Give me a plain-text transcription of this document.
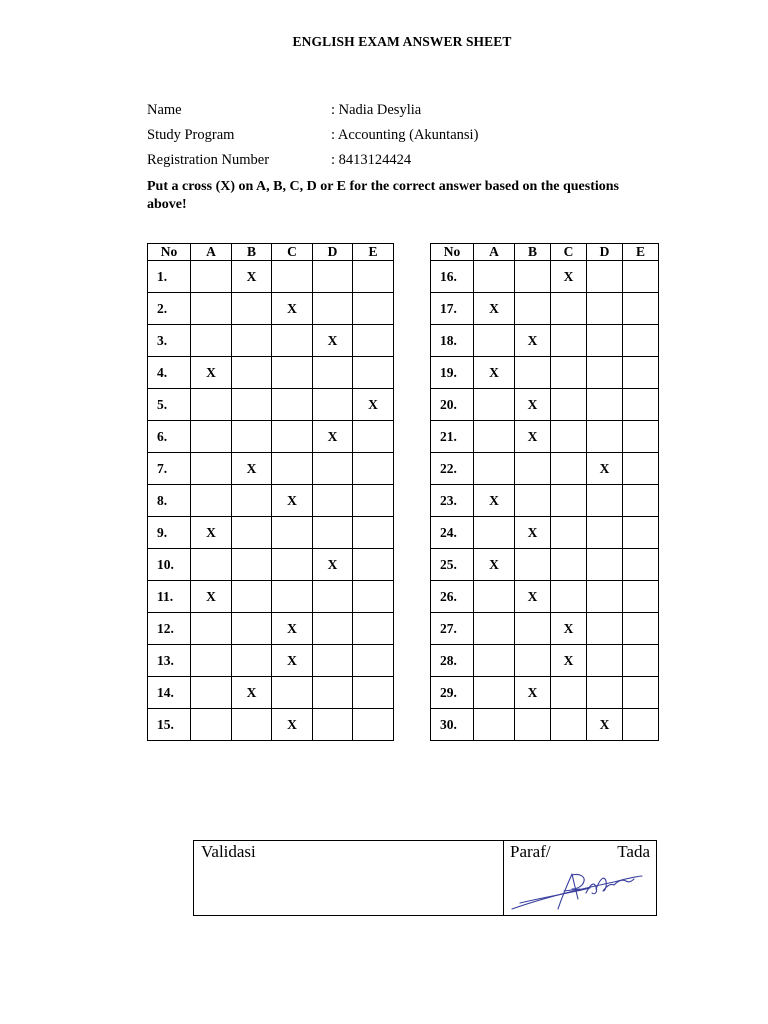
ENGLISH EXAM ANSWER SHEET
Name	: Nadia Desylia
Study Program	: Accounting (Akuntansi)
Registration Number	: 8413124424
Put a cross (X) on A, B, C, D or E for the correct answer based on the questions above!
No	A	B	C	D	E
1.		X			
2.			X		
3.				X	
4.	X				
5.					X
6.				X	
7.		X			
8.			X		
9.	X				
10.				X	
11.	X				
12.			X		
13.			X		
14.		X			
15.			X		
No	A	B	C	D	E
16.			X		
17.	X				
18.		X			
19.	X				
20.		X			
21.		X			
22.				X	
23.	X				
24.		X			
25.	X				
26.		X			
27.			X		
28.			X		
29.		X			
30.				X	
Validasi	Paraf/	Tada
